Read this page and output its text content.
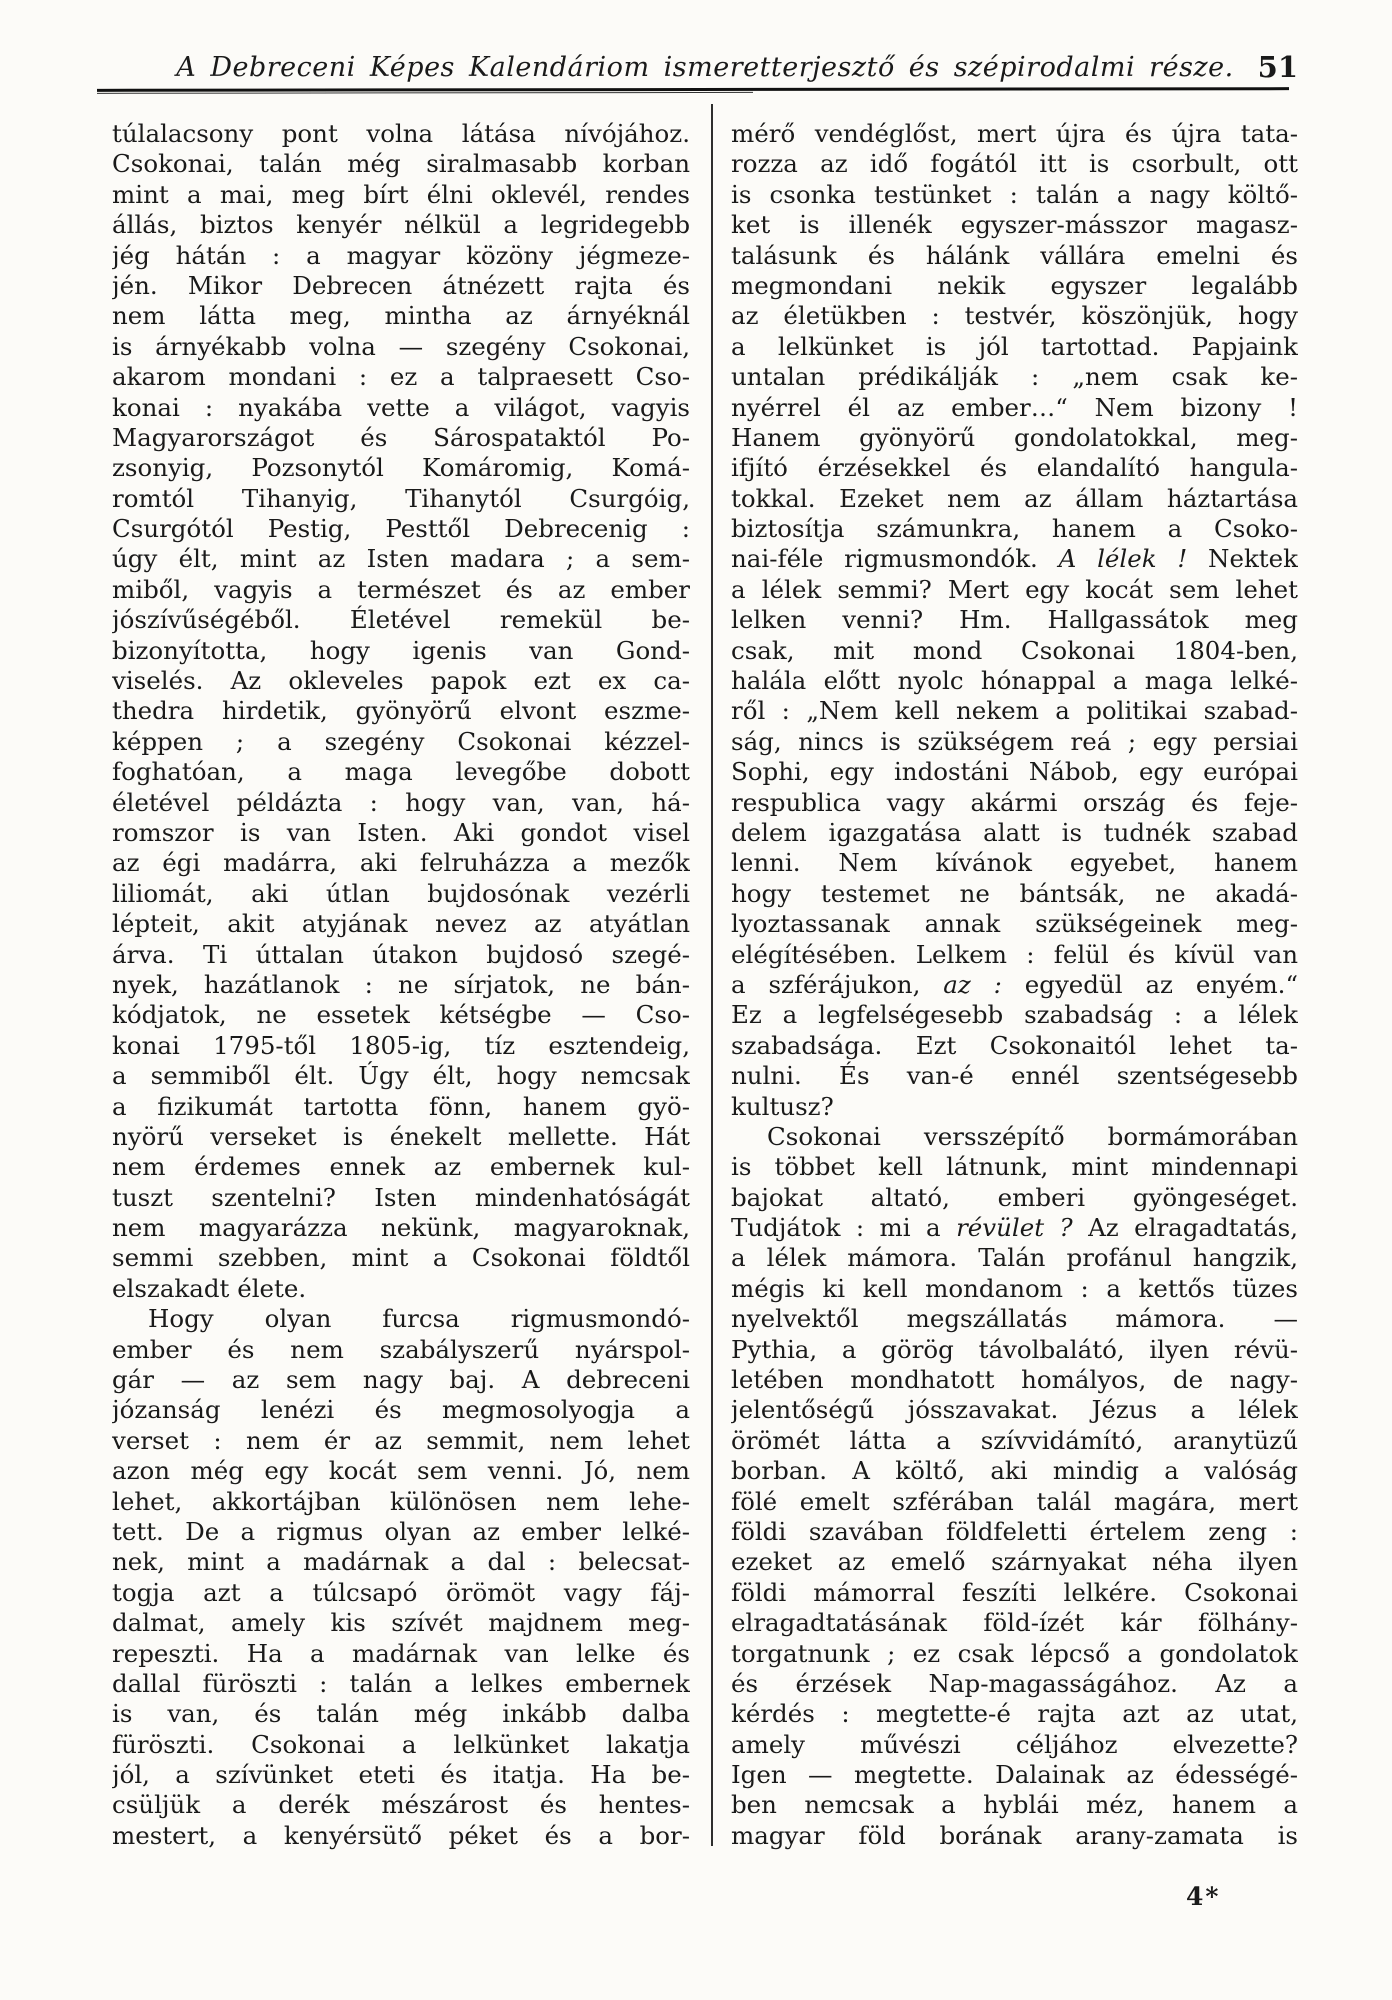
A Debreceni Képes Kalendáriom ismeretterjesztő és szépirodalmi része. 51
túlalacsony pont volna látása nívójához.
Csokonai, talán még siralmasabb korban
mint a mai, meg bírt élni oklevél, rendes
állás, biztos kenyér nélkül a legridegebb
jég hátán : a magyar közöny jégmeze-
jén. Mikor Debrecen átnézett rajta és
nem látta meg, mintha az árnyéknál
is árnyékabb volna — szegény Csokonai,
akarom mondani : ez a talpraesett Cso-
konai : nyakába vette a világot, vagyis
Magyarországot és Sárospataktól Po-
zsonyig, Pozsonytól Komáromig, Komá-
romtól Tihanyig, Tihanytól Csurgóig,
Csurgótól Pestig, Pesttől Debrecenig :
úgy élt, mint az Isten madara ; a sem-
miből, vagyis a természet és az ember
jószívűségéből. Életével remekül be-
bizonyította, hogy igenis van Gond-
viselés. Az okleveles papok ezt ex ca-
thedra hirdetik, gyönyörű elvont eszme-
képpen ; a szegény Csokonai kézzel-
foghatóan, a maga levegőbe dobott
életével példázta : hogy van, van, há-
romszor is van Isten. Aki gondot visel
az égi madárra, aki felruházza a mezők
liliomát, aki útlan bujdosónak vezérli
lépteit, akit atyjának nevez az atyátlan
árva. Ti úttalan útakon bujdosó szegé-
nyek, hazátlanok : ne sírjatok, ne bán-
kódjatok, ne essetek kétségbe — Cso-
konai 1795-től 1805-ig, tíz esztendeig,
a semmiből élt. Úgy élt, hogy nemcsak
a fizikumát tartotta fönn, hanem gyö-
nyörű verseket is énekelt mellette. Hát
nem érdemes ennek az embernek kul-
tuszt szentelni? Isten mindenhatóságát
nem magyarázza nekünk, magyaroknak,
semmi szebben, mint a Csokonai földtől
elszakadt élete.
Hogy olyan furcsa rigmusmondó-
ember és nem szabályszerű nyárspol-
gár — az sem nagy baj. A debreceni
józanság lenézi és megmosolyogja a
verset : nem ér az semmit, nem lehet
azon még egy kocát sem venni. Jó, nem
lehet, akkortájban különösen nem lehe-
tett. De a rigmus olyan az ember lelké-
nek, mint a madárnak a dal : belecsat-
togja azt a túlcsapó örömöt vagy fáj-
dalmat, amely kis szívét majdnem meg-
repeszti. Ha a madárnak van lelke és
dallal füröszti : talán a lelkes embernek
is van, és talán még inkább dalba
füröszti. Csokonai a lelkünket lakatja
jól, a szívünket eteti és itatja. Ha be-
csüljük a derék mészárost és hentes-
mestert, a kenyérsütő péket és a bor-
mérő vendéglőst, mert újra és újra tata-
rozza az idő fogától itt is csorbult, ott
is csonka testünket : talán a nagy költő-
ket is illenék egyszer-másszor magasz-
talásunk és hálánk vállára emelni és
megmondani nekik egyszer legalább
az életükben : testvér, köszönjük, hogy
a lelkünket is jól tartottad. Papjaink
untalan prédikálják : „nem csak ke-
nyérrel él az ember…“ Nem bizony !
Hanem gyönyörű gondolatokkal, meg-
ifjító érzésekkel és elandalító hangula-
tokkal. Ezeket nem az állam háztartása
biztosítja számunkra, hanem a Csoko-
nai-féle rigmusmondók. A lélek ! Nektek
a lélek semmi? Mert egy kocát sem lehet
lelken venni? Hm. Hallgassátok meg
csak, mit mond Csokonai 1804-ben,
halála előtt nyolc hónappal a maga lelké-
ről : „Nem kell nekem a politikai szabad-
ság, nincs is szükségem reá ; egy persiai
Sophi, egy indostáni Nábob, egy európai
respublica vagy akármi ország és feje-
delem igazgatása alatt is tudnék szabad
lenni. Nem kívánok egyebet, hanem
hogy testemet ne bántsák, ne akadá-
lyoztassanak annak szükségeinek meg-
elégítésében. Lelkem : felül és kívül van
a szférájukon, az : egyedül az enyém.“
Ez a legfelségesebb szabadság : a lélek
szabadsága. Ezt Csokonaitól lehet ta-
nulni. És van-é ennél szentségesebb
kultusz?
Csokonai versszépítő bormámorában
is többet kell látnunk, mint mindennapi
bajokat altató, emberi gyöngeséget.
Tudjátok : mi a révület ? Az elragadtatás,
a lélek mámora. Talán profánul hangzik,
mégis ki kell mondanom : a kettős tüzes
nyelvektől megszállatás mámora. —
Pythia, a görög távolbalátó, ilyen révü-
letében mondhatott homályos, de nagy-
jelentőségű jósszavakat. Jézus a lélek
örömét látta a szívvidámító, aranytüzű
borban. A költő, aki mindig a valóság
fölé emelt szférában talál magára, mert
földi szavában földfeletti értelem zeng :
ezeket az emelő szárnyakat néha ilyen
földi mámorral feszíti lelkére. Csokonai
elragadtatásának föld-ízét kár fölhány-
torgatnunk ; ez csak lépcső a gondolatok
és érzések Nap-magasságához. Az a
kérdés : megtette-é rajta azt az utat,
amely művészi céljához elvezette?
Igen — megtette. Dalainak az édességé-
ben nemcsak a hyblái méz, hanem a
magyar föld borának arany-zamata is
4*
